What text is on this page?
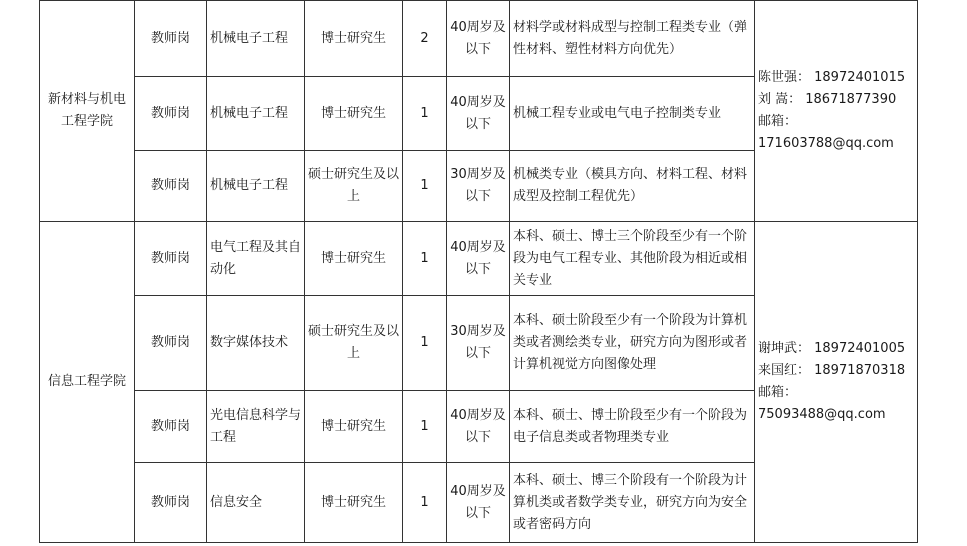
新材料与机电工程学院	教师岗	机械电子工程	博士研究生	2	40周岁及以下	材料学或材料成型与控制工程类专业（弹性材料、塑性材料方向优先）	陈世强： 18972401015
刘 嵩： 18671877390
邮箱：
171603788@qq.com

	教师岗	机械电子工程	博士研究生	1	40周岁及以下	机械工程专业或电气电子控制类专业	
	教师岗	机械电子工程	硕士研究生及以上	1	30周岁及以下	机械类专业（模具方向、材料工程、材料成型及控制工程优先）	
信息工程学院	教师岗	电气工程及其自动化	博士研究生	1	40周岁及以下	本科、硕士、博士三个阶段至少有一个阶段为电气工程专业、其他阶段为相近或相关专业	谢坤武： 18972401005
来国红： 18971870318
邮箱：
75093488@qq.com

	教师岗	数字媒体技术	硕士研究生及以上	1	30周岁及以下	本科、硕士阶段至少有一个阶段为计算机类或者测绘类专业，研究方向为图形或者计算机视觉方向图像处理	
	教师岗	光电信息科学与工程	博士研究生	1	40周岁及以下	本科、硕士、博士阶段至少有一个阶段为电子信息类或者物理类专业	
	教师岗	信息安全	博士研究生	1	40周岁及以下	本科、硕士、博三个阶段有一个阶段为计算机类或者数学类专业，研究方向为安全或者密码方向	
